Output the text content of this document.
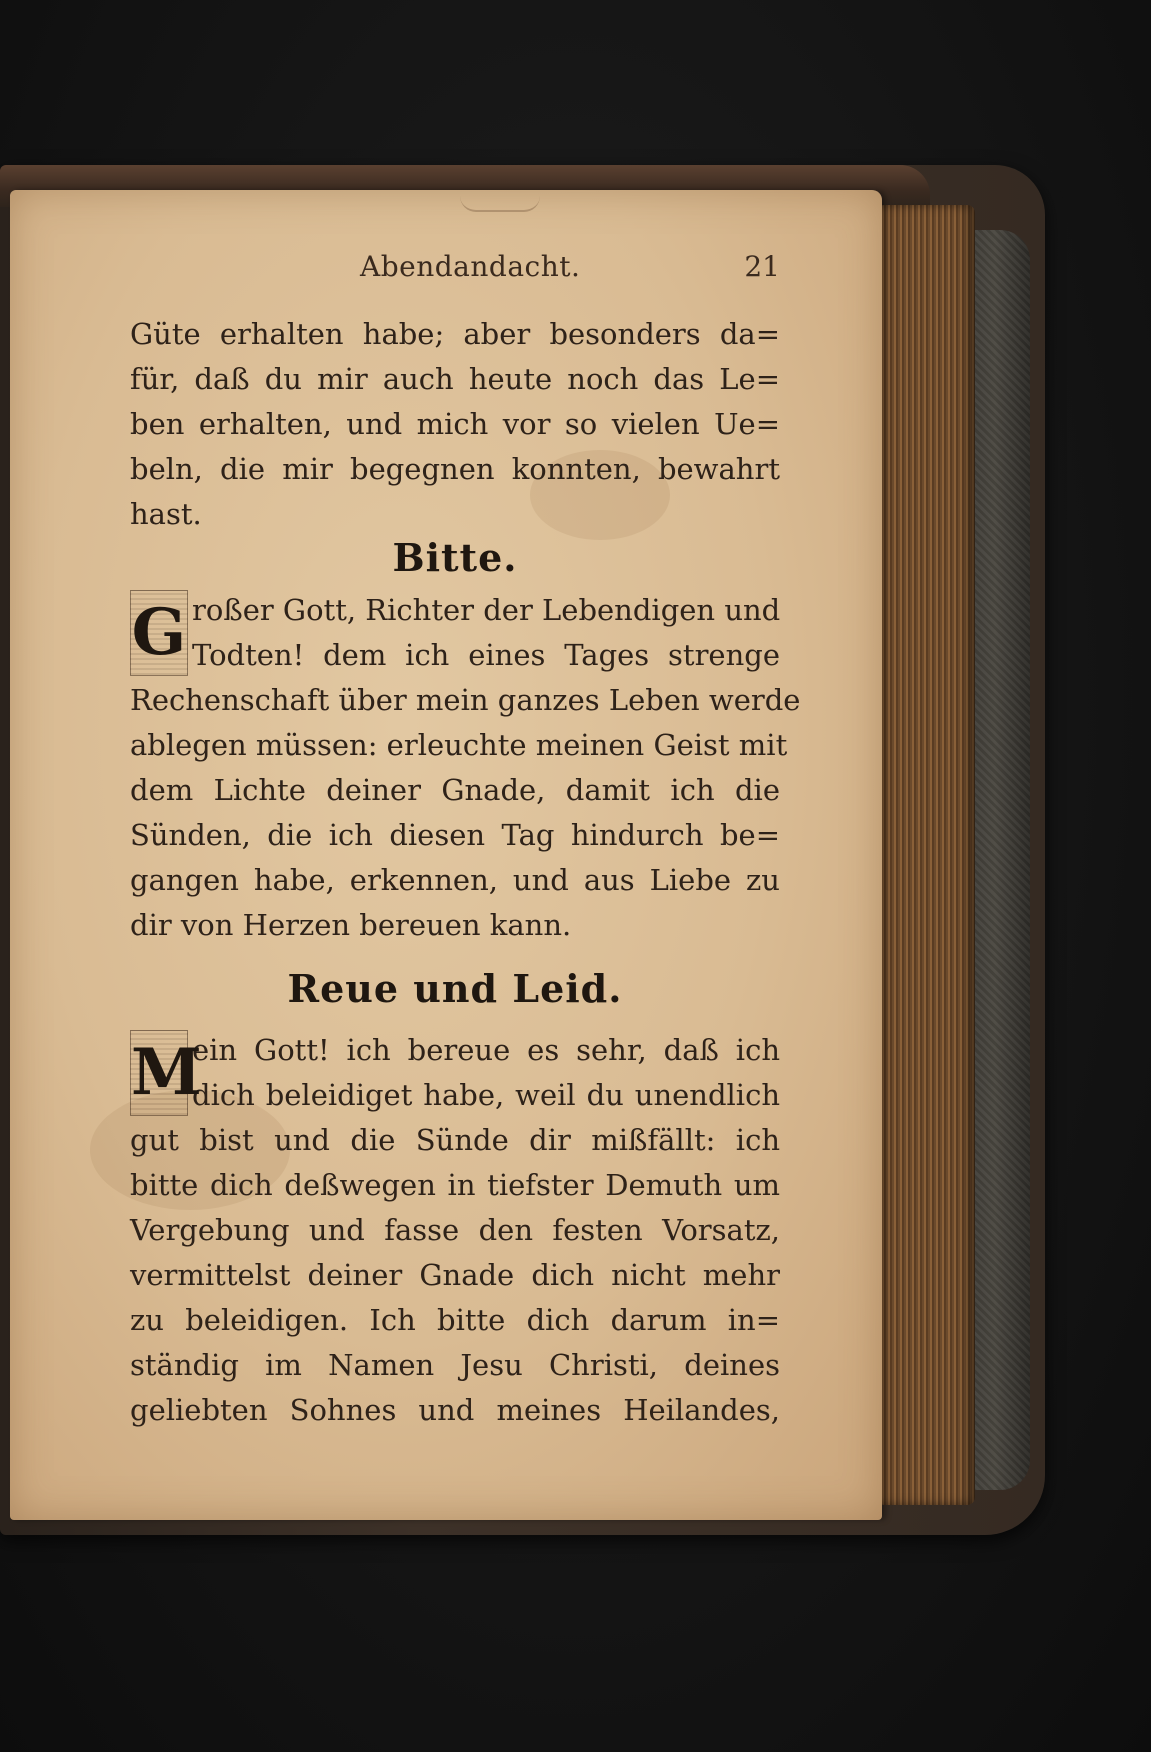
Abendandacht.	21
Güte erhalten habe; aber besonders da=
für, daß du mir auch heute noch das Le=
ben erhalten, und mich vor so vielen Ue=
beln, die mir begegnen konnten, bewahrt
hast.
Bitte.
G roßer Gott, Richter der Lebendigen und
Todten! dem ich eines Tages strenge
Rechenschaft über mein ganzes Leben werde
ablegen müssen: erleuchte meinen Geist mit
dem Lichte deiner Gnade, damit ich die
Sünden, die ich diesen Tag hindurch be=
gangen habe, erkennen, und aus Liebe zu
dir von Herzen bereuen kann.
Reue und Leid.
M
ein Gott! ich bereue es sehr, daß ich
dich beleidiget habe, weil du unendlich
gut bist und die Sünde dir mißfällt: ich
bitte dich deßwegen in tiefster Demuth um
Vergebung und fasse den festen Vorsatz,
vermittelst deiner Gnade dich nicht mehr
zu beleidigen. Ich bitte dich darum in=
ständig im Namen Jesu Christi, deines
geliebten Sohnes und meines Heilandes,
